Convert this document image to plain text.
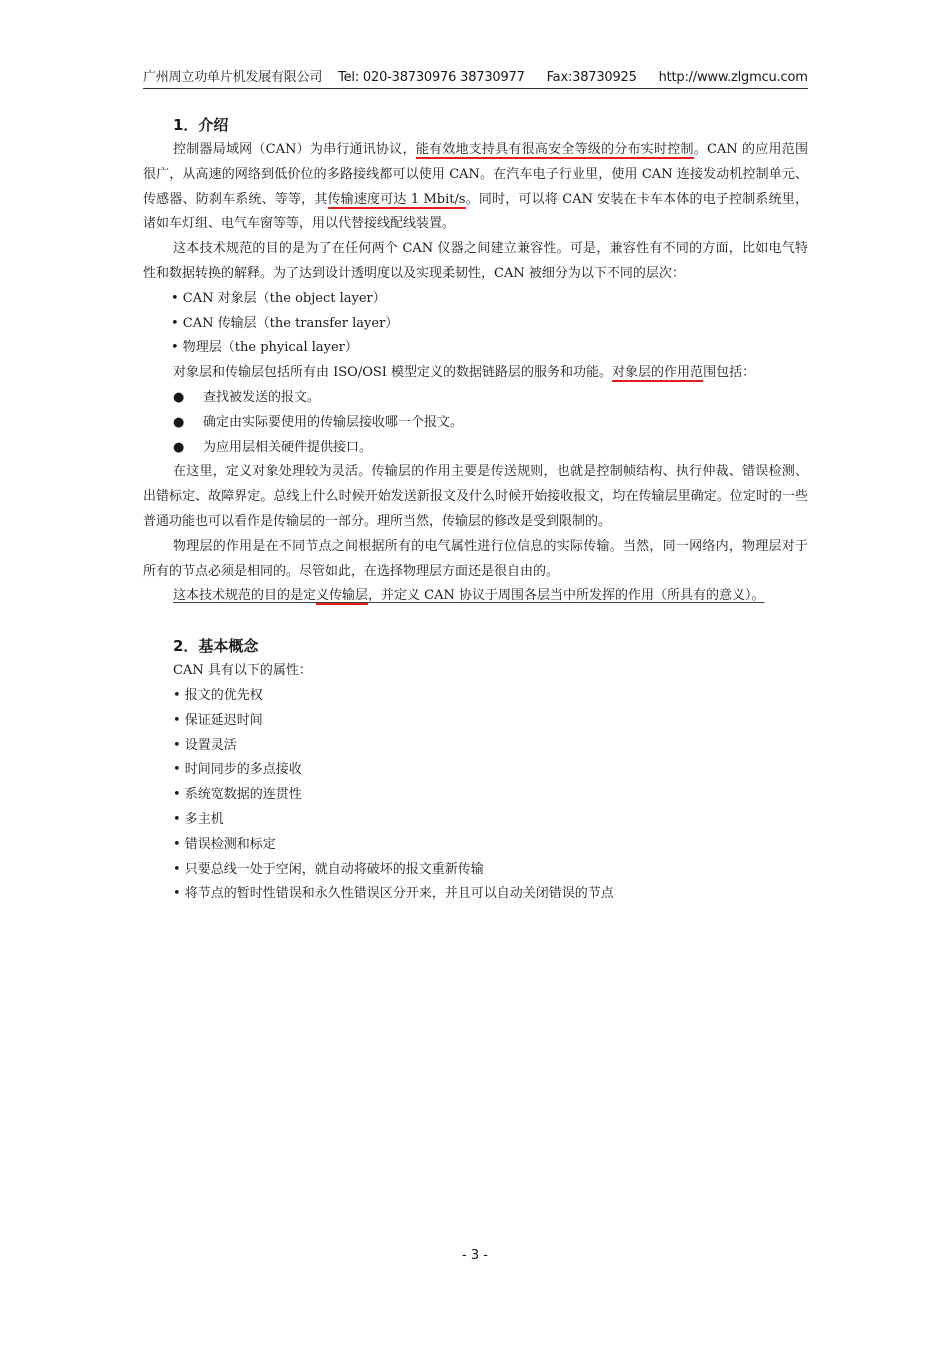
广州周立功单片机发展有限公司 Tel: 020-38730976 38730977 Fax:38730925 http://www.zlgmcu.com
1．介绍

控制器局域网（CAN）为串行通讯协议，能有效地支持具有很高安全等级的分布实时控制。CAN 的应用范围很广，从高速的网络到低价位的多路接线都可以使用 CAN。在汽车电子行业里，使用 CAN 连接发动机控制单元、传感器、防刹车系统、等等，其传输速度可达 1 Mbit/s。同时，可以将 CAN 安装在卡车本体的电子控制系统里，诸如车灯组、电气车窗等等，用以代替接线配线装置。

这本技术规范的目的是为了在任何两个 CAN 仪器之间建立兼容性。可是，兼容性有不同的方面，比如电气特性和数据转换的解释。为了达到设计透明度以及实现柔韧性，CAN 被细分为以下不同的层次：

• CAN 对象层（the object layer）

• CAN 传输层（the transfer layer）

• 物理层（the phyical layer）

对象层和传输层包括所有由 ISO/OSI 模型定义的数据链路层的服务和功能。对象层的作用范围包括：

● 查找被发送的报文。

● 确定由实际要使用的传输层接收哪一个报文。

● 为应用层相关硬件提供接口。

在这里，定义对象处理较为灵活。传输层的作用主要是传送规则，也就是控制帧结构、执行仲裁、错误检测、出错标定、故障界定。总线上什么时候开始发送新报文及什么时候开始接收报文，均在传输层里确定。位定时的一些普通功能也可以看作是传输层的一部分。理所当然，传输层的修改是受到限制的。

物理层的作用是在不同节点之间根据所有的电气属性进行位信息的实际传输。当然，同一网络内，物理层对于所有的节点必须是相同的。尽管如此，在选择物理层方面还是很自由的。

这本技术规范的目的是定义传输层，并定义 CAN 协议于周围各层当中所发挥的作用（所具有的意义）。

2．基本概念

CAN 具有以下的属性：

• 报文的优先权

• 保证延迟时间

• 设置灵活

• 时间同步的多点接收

• 系统宽数据的连贯性

• 多主机

• 错误检测和标定

• 只要总线一处于空闲，就自动将破坏的报文重新传输

• 将节点的暂时性错误和永久性错误区分开来，并且可以自动关闭错误的节点

- 3 -
